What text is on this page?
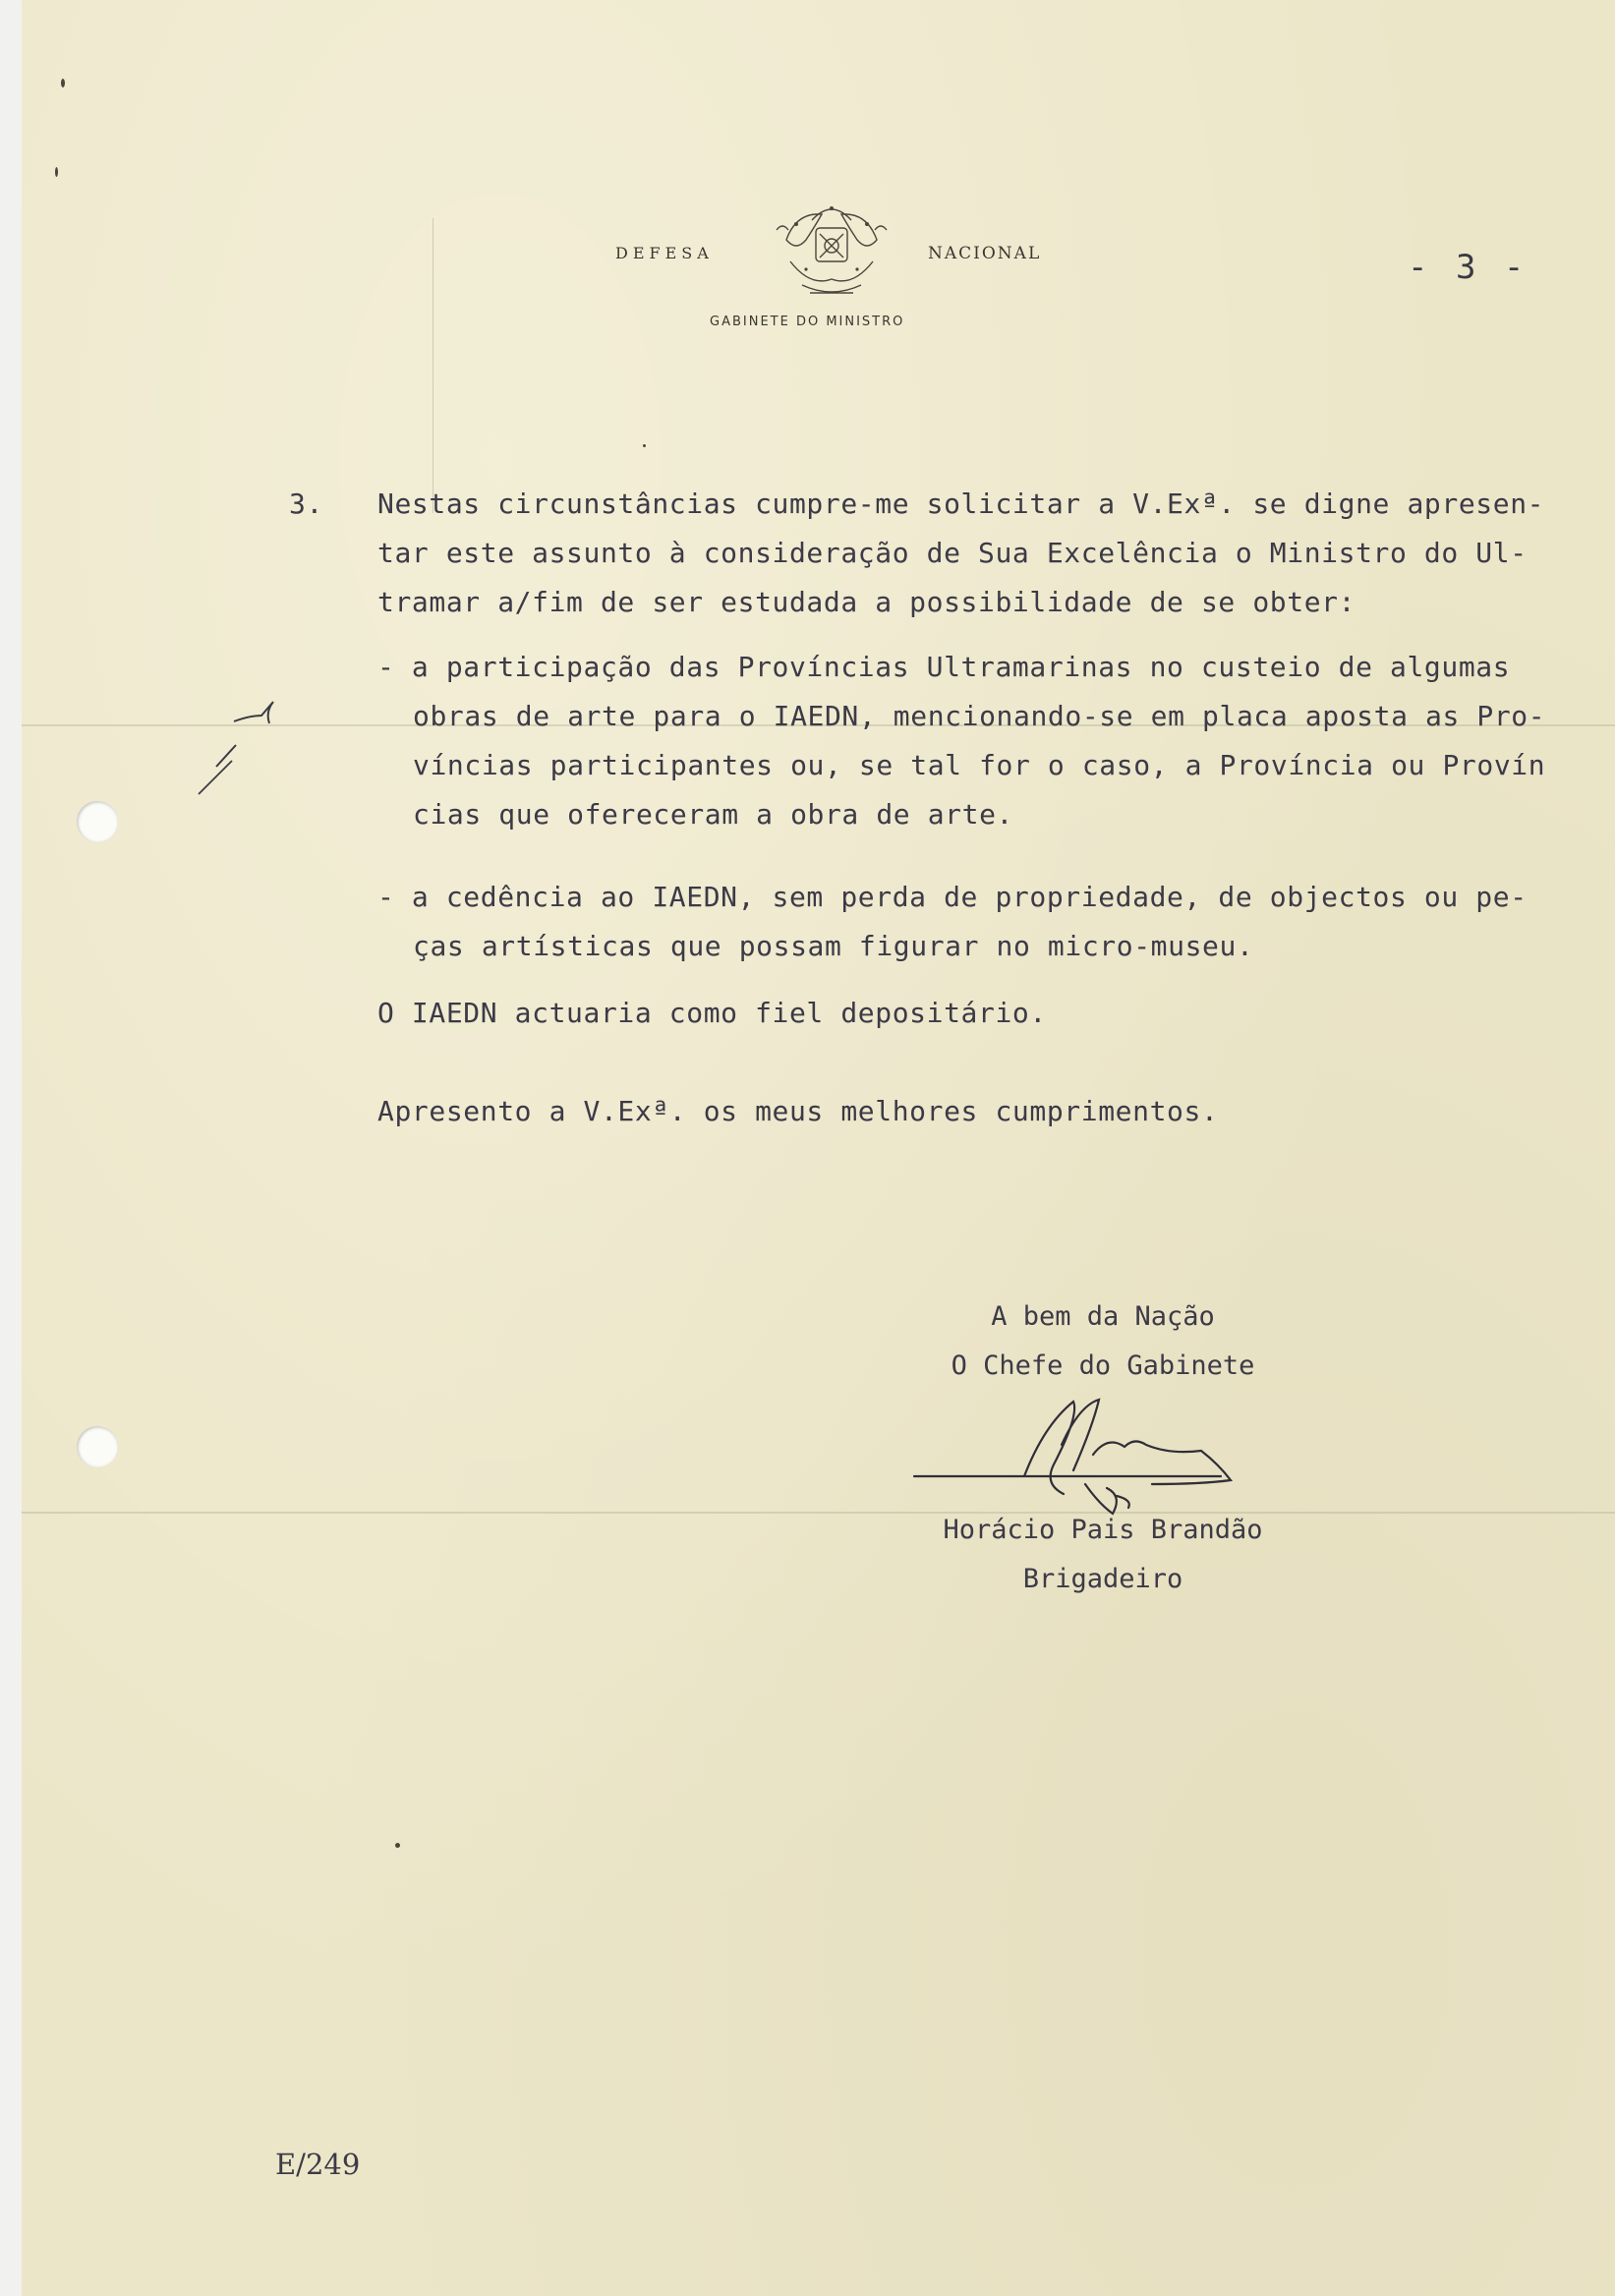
DEFESA	NACIONAL
GABINETE DO MINISTRO
- 3 -
3. Nestas circunstâncias cumpre-me solicitar a V.Exª. se digne apresen-
tar este assunto à consideração de Sua Excelência o Ministro do Ul-
tramar a/fim de ser estudada a possibilidade de se obter:
- a participação das Províncias Ultramarinas no custeio de algumas
obras de arte para o IAEDN, mencionando-se em placa aposta as Pro-
víncias participantes ou, se tal for o caso, a Província ou Provín
cias que ofereceram a obra de arte.
- a cedência ao IAEDN, sem perda de propriedade, de objectos ou pe-
ças artísticas que possam figurar no micro-museu.
O IAEDN actuaria como fiel depositário.
Apresento a V.Exª. os meus melhores cumprimentos.
A bem da Nação
O Chefe do Gabinete
Horácio Pais Brandão
Brigadeiro
E/249
